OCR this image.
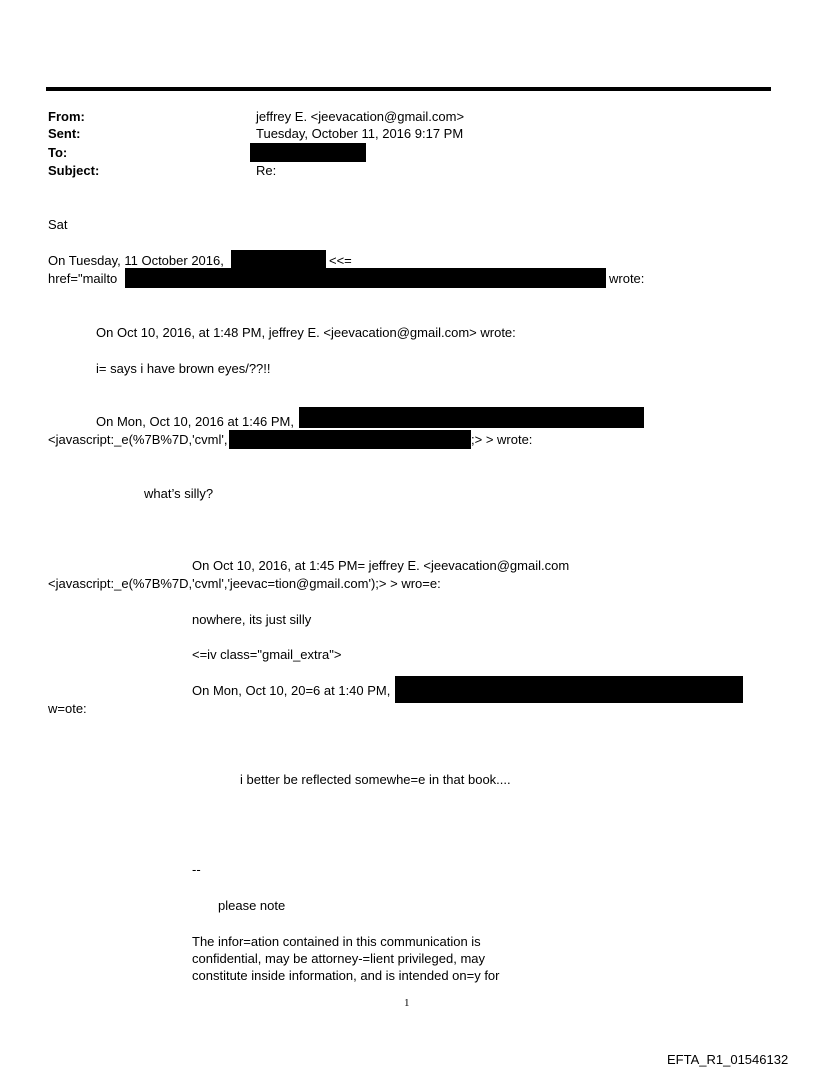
From:	jeffrey E. <jeevacation@gmail.com>
Sent:	Tuesday, October 11, 2016 9:17 PM
To:
Subject:	Re:
Sat
On Tuesday, 11 October 2016,	<<=
href="mailto	wrote:
On Oct 10, 2016, at 1:48 PM, jeffrey E. <jeevacation@gmail.com> wrote:
i= says i have brown eyes/??!!
On Mon, Oct 10, 2016 at 1:46 PM,
<javascript:_e(%7B%7D,'cvml',	;> > wrote:
what’s silly?
On Oct 10, 2016, at 1:45 PM= jeffrey E. <jeevacation@gmail.com
<javascript:_e(%7B%7D,'cvml','jeevac=tion@gmail.com');> > wro=e:
nowhere, its just silly
<=iv class="gmail_extra">
On Mon, Oct 10, 20=6 at 1:40 PM,
w=ote:
i better be reflected somewhe=e in that book....
--
please note
The infor=ation contained in this communication is
confidential, may be attorney-=lient privileged, may
constitute inside information, and is intended on=y for
1
EFTA_R1_01546132
